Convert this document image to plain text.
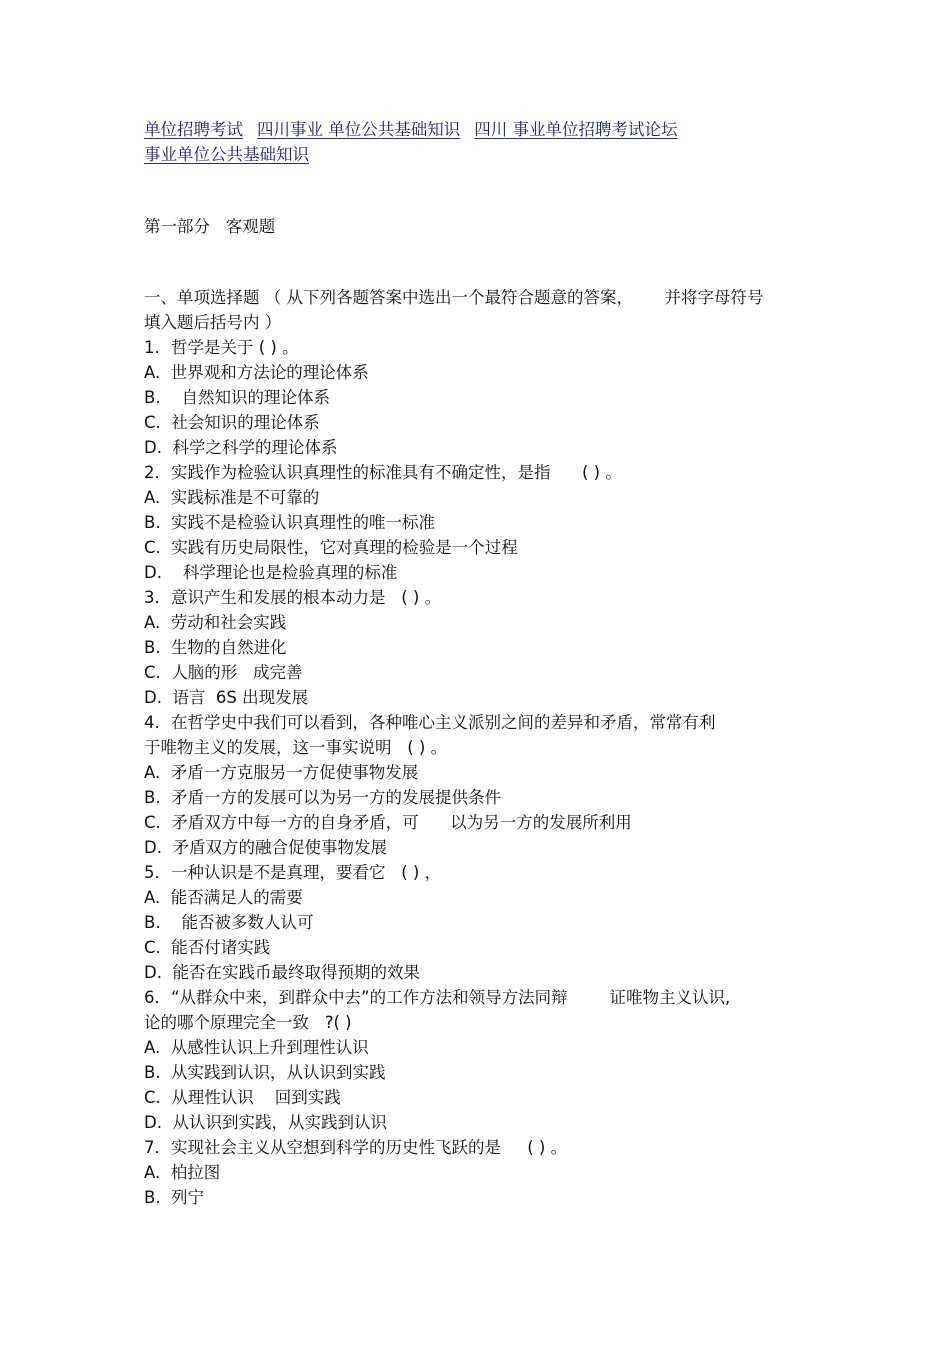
单位招聘考试 四川事业 单位公共基础知识 四川 事业单位招聘考试论坛事业单位公共基础知识
第一部分   客观题
一、单项选择题 （ 从下列各题答案中选出一个最符合题意的答案，      并将字母符号
填入题后括号内 ）
1．哲学是关于 ( ) 。
A.  世界观和方法论的理论体系
B.    自然知识的理论体系
C.  社会知识的理论体系
D.  科学之科学的理论体系
2．实践作为检验认识真理性的标准具有不确定性，是指      ( ) 。
A.  实践标准是不可靠的
B.  实践不是检验认识真理性的唯一标准
C.  实践有历史局限性，它对真理的检验是一个过程
D.    科学理论也是检验真理的标准
3．意识产生和发展的根本动力是   ( ) 。
A.  劳动和社会实践
B.  生物的自然进化
C.  人脑的形   成完善
D.  语言  6S 出现发展
4．在哲学史中我们可以看到，各种唯心主义派别之间的差异和矛盾，常常有利
于唯物主义的发展，这一事实说明   ( ) 。
A.  矛盾一方克服另一方促使事物发展
B.  矛盾一方的发展可以为另一方的发展提供条件
C.  矛盾双方中每一方的自身矛盾，可      以为另一方的发展所利用
D.  矛盾双方的融合促使事物发展
5．一种认识是不是真理，要看它   ( ) ，
A.  能否满足人的需要
B.    能否被多数人认可
C.  能否付诸实践
D.  能否在实践币最终取得预期的效果
6．“从群众中来，到群众中去”的工作方法和领导方法同辩        证唯物主义认识,
论的哪个原理完全一致   ?( )
A.  从感性认识上升到理性认识
B.  从实践到认识，从认识到实践
C.  从理性认识    回到实践
D.  从认识到实践，从实践到认识
7．实现社会主义从空想到科学的历史性飞跃的是     ( ) 。
A.  柏拉图
B.  列宁
